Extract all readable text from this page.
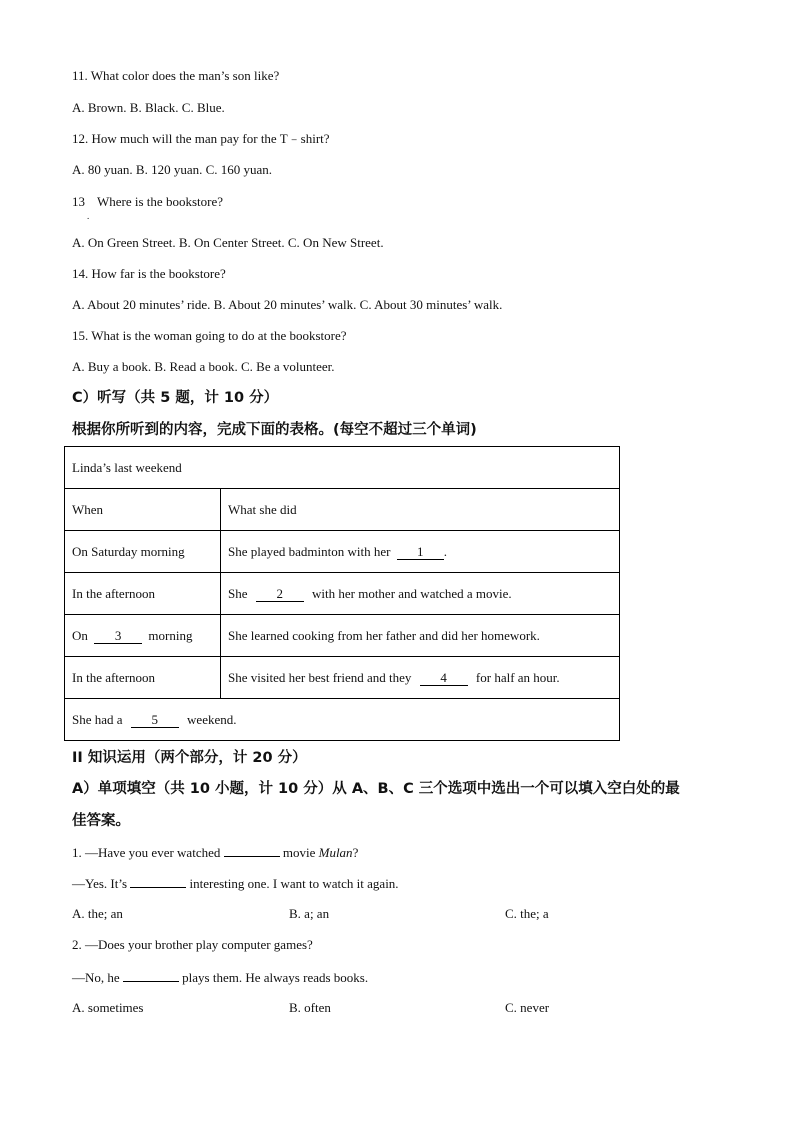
11. What color does the man’s son like?
A. Brown. B. Black. C. Blue.
12. How much will the man pay for the T﹣shirt?
A. 80 yuan. B. 120 yuan. C. 160 yuan.
13
.
Where is the bookstore?
A. On Green Street. B. On Center Street. C. On New Street.
14. How far is the bookstore?
A. About 20 minutes’ ride. B. About 20 minutes’ walk. C. About 30 minutes’ walk.
15. What is the woman going to do at the bookstore?
A. Buy a book. B. Read a book. C. Be a volunteer.
C）听写（共 5 题，计 10 分）
根据你所听到的内容，完成下面的表格。(每空不超过三个单词)
Linda’s last weekend	
When	What she did
On Saturday morning	She played badminton with her 1 .
In the afternoon	She 2 with her mother and watched a movie.
On 3 morning	She learned cooking from her father and did her homework.
In the afternoon	She visited her best friend and they 4 for half an hour.
She had a 5 weekend.	
II 知识运用（两个部分，计 20 分）
A）单项填空（共 10 小题，计 10 分）从 A、B、C 三个选项中选出一个可以填入空白处的最
佳答案。
1. —Have you ever watched	movie Mulan?
—Yes. It’s	interesting one. I want to watch it again.
A. the; an	B. a; an	C. the; a
2. —Does your brother play computer games?
—No, he	plays them. He always reads books.
A. sometimes	B. often	C. never
